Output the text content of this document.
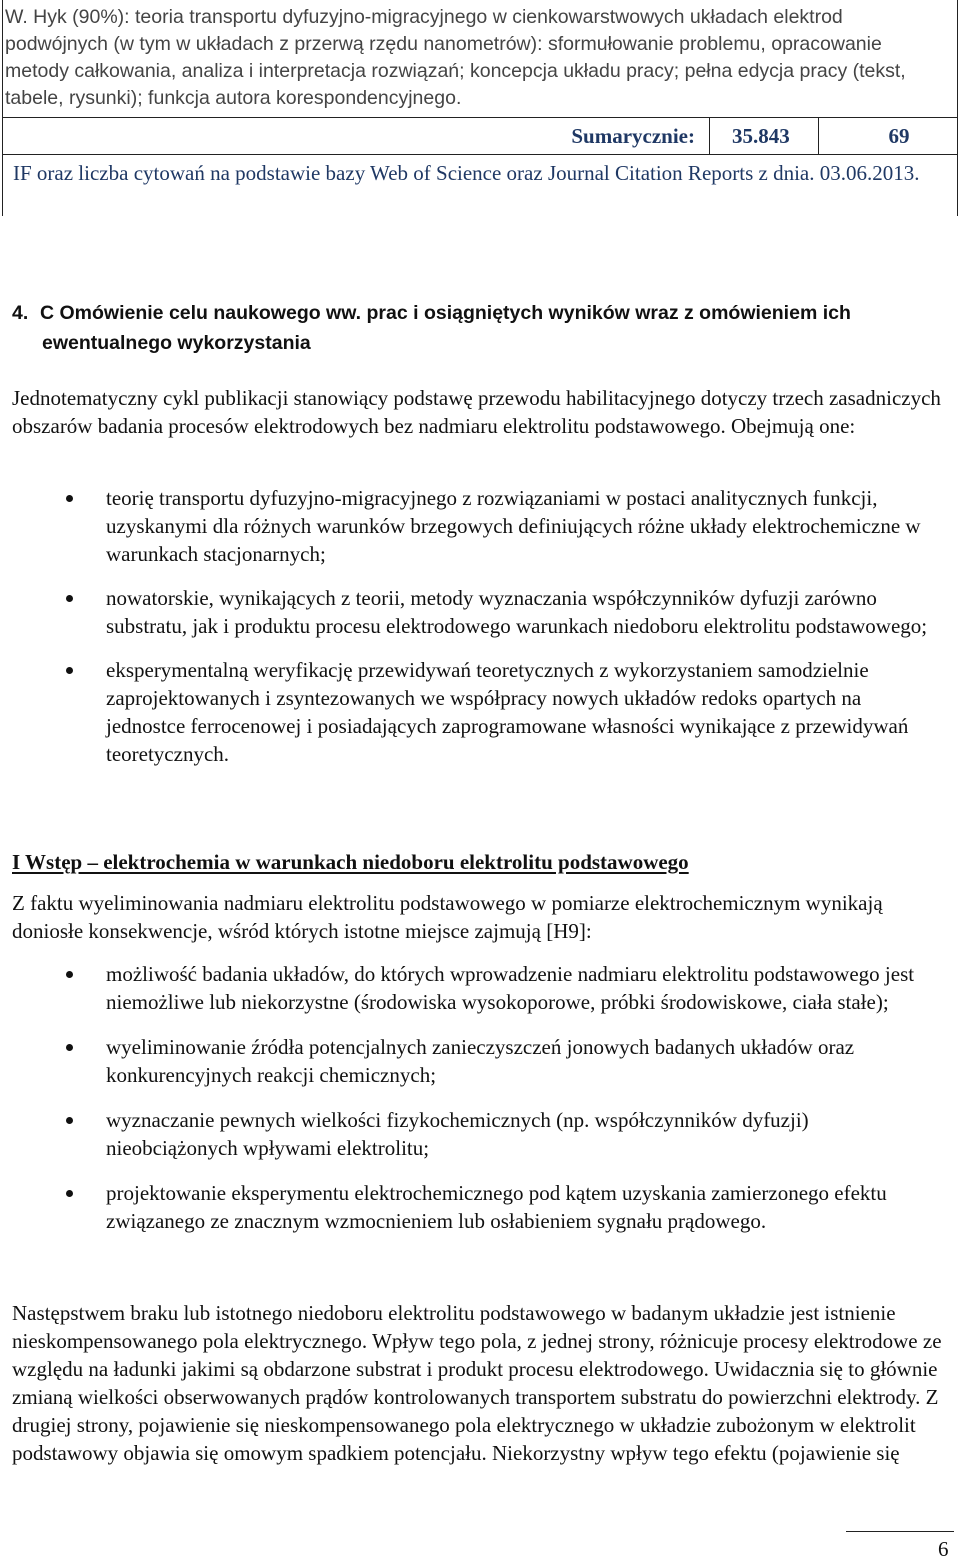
W. Hyk (90%): teoria transportu dyfuzyjno-migracyjnego w cienkowarstwowych układach elektrod podwójnych (w tym w układach z przerwą rzędu nanometrów): sformułowanie problemu, opracowanie metody całkowania, analiza i interpretacja rozwiązań; koncepcja układu pracy; pełna edycja pracy (tekst, tabele, rysunki); funkcja autora korespondencyjnego.
Sumarycznie:	35.843	69
IF oraz liczba cytowań na podstawie bazy Web of Science oraz Journal Citation Reports z dnia. 03.06.2013.
4. C Omówienie celu naukowego ww. prac i osiągniętych wyników wraz z omówieniem ich
ewentualnego wykorzystania
Jednotematyczny cykl publikacji stanowiący podstawę przewodu habilitacyjnego dotyczy trzech zasadniczych obszarów badania procesów elektrodowych bez nadmiaru elektrolitu podstawowego. Obejmują one:
teorię transportu dyfuzyjno-migracyjnego z rozwiązaniami w postaci analitycznych funkcji, uzyskanymi dla różnych warunków brzegowych definiujących różne układy elektrochemiczne w warunkach stacjonarnych;
nowatorskie, wynikających z teorii, metody wyznaczania współczynników dyfuzji zarówno substratu, jak i produktu procesu elektrodowego warunkach niedoboru elektrolitu podstawowego;
eksperymentalną weryfikację przewidywań teoretycznych z wykorzystaniem samodzielnie zaprojektowanych i zsyntezowanych we współpracy nowych układów redoks opartych na jednostce ferrocenowej i posiadających zaprogramowane własności wynikające z przewidywań teoretycznych.
I Wstęp – elektrochemia w warunkach niedoboru elektrolitu podstawowego
Z faktu wyeliminowania nadmiaru elektrolitu podstawowego w pomiarze elektrochemicznym wynikają doniosłe konsekwencje, wśród których istotne miejsce zajmują [H9]:
możliwość badania układów, do których wprowadzenie nadmiaru elektrolitu podstawowego jest niemożliwe lub niekorzystne (środowiska wysokoporowe, próbki środowiskowe, ciała stałe);
wyeliminowanie źródła potencjalnych zanieczyszczeń jonowych badanych układów oraz konkurencyjnych reakcji chemicznych;
wyznaczanie pewnych wielkości fizykochemicznych (np. współczynników dyfuzji) nieobciążonych wpływami elektrolitu;
projektowanie eksperymentu elektrochemicznego pod kątem uzyskania zamierzonego efektu związanego ze znacznym wzmocnieniem lub osłabieniem sygnału prądowego.
Następstwem braku lub istotnego niedoboru elektrolitu podstawowego w badanym układzie jest istnienie nieskompensowanego pola elektrycznego. Wpływ tego pola, z jednej strony, różnicuje procesy elektrodowe ze względu na ładunki jakimi są obdarzone substrat i produkt procesu elektrodowego. Uwidacznia się to głównie zmianą wielkości obserwowanych prądów kontrolowanych transportem substratu do powierzchni elektrody. Z drugiej strony, pojawienie się nieskompensowanego pola elektrycznego w układzie zubożonym w elektrolit podstawowy objawia się omowym spadkiem potencjału. Niekorzystny wpływ tego efektu (pojawienie się
6
